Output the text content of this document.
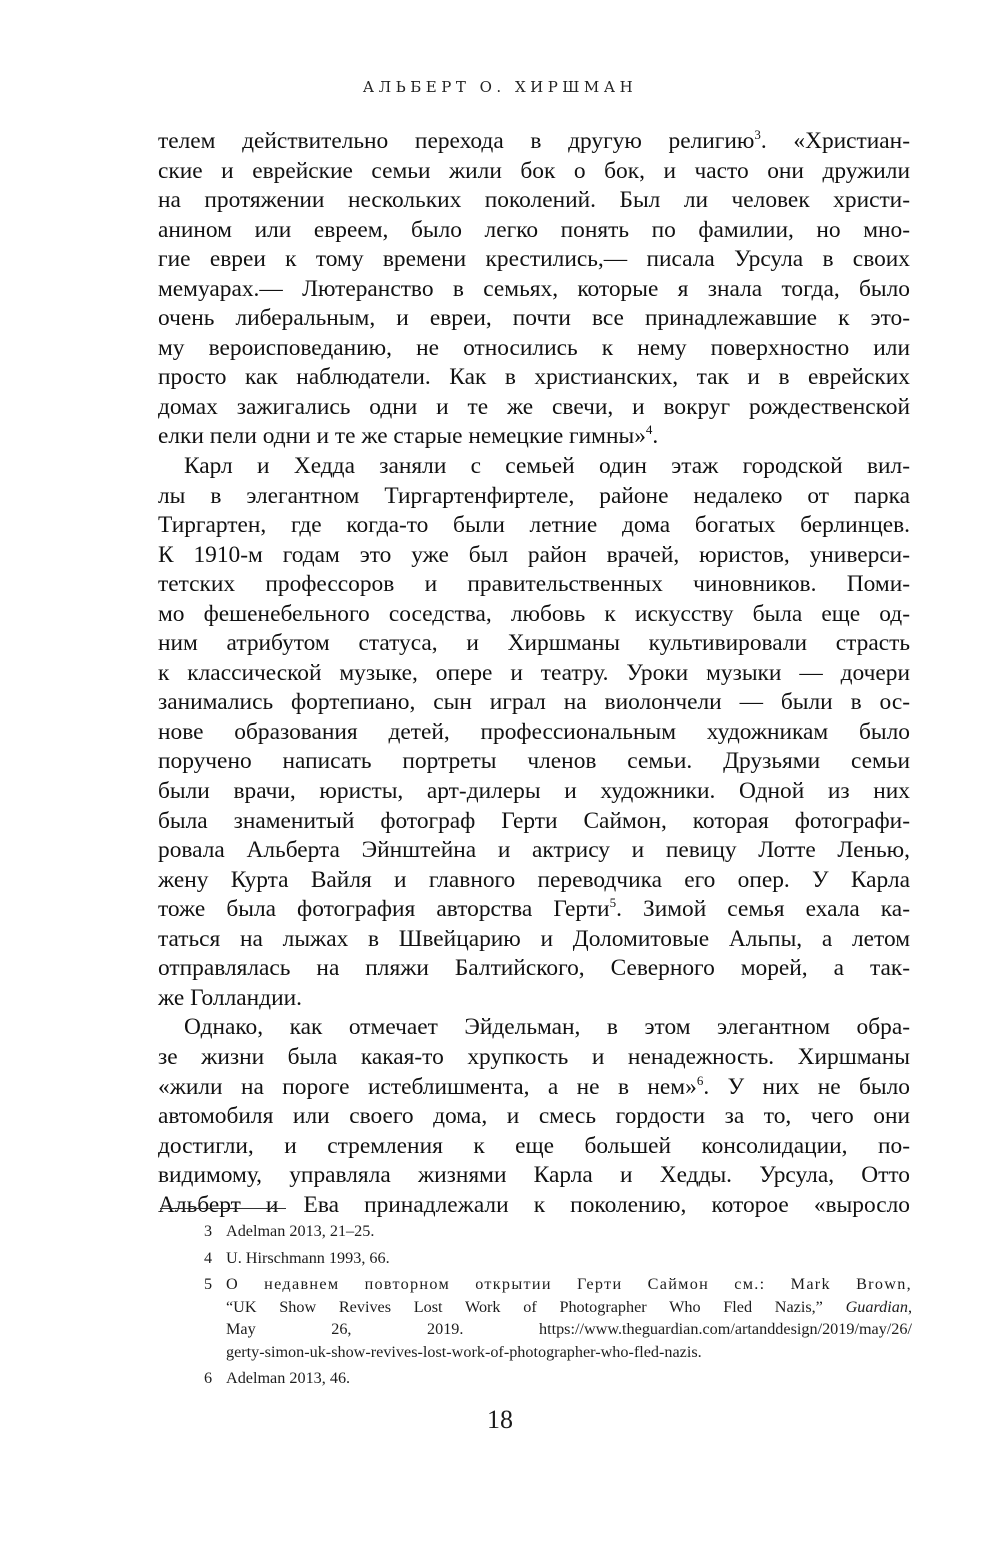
АЛЬБЕРТ О. ХИРШМАН

телем действительно перехода в другую религию$^3$. «Христиан-
ские и еврейские семьи жили бок о бок, и часто они дружили
на протяжении нескольких поколений. Был ли человек христи-
анином или евреем, было легко понять по фамилии, но мно-
гие евреи к тому времени крестились,— писала Урсула в своих
мемуарах.— Лютеранство в семьях, которые я знала тогда, было
очень либеральным, и евреи, почти все принадлежавшие к это-
му вероисповеданию, не относились к нему поверхностно или
просто как наблюдатели. Как в христианских, так и в еврейских
домах зажигались одни и те же свечи, и вокруг рождественской
елки пели одни и те же старые немецкие гимны»$^4$.

Карл и Хедда заняли с семьей один этаж городской вил-
лы в элегантном Тиргартенфиртеле, районе недалеко от парка
Тиргартен, где когда-то были летние дома богатых берлинцев.
К 1910-м годам это уже был район врачей, юристов, универси-
тетских профессоров и правительственных чиновников. Поми-
мо фешенебельного соседства, любовь к искусству была еще од-
ним атрибутом статуса, и Хиршманы культивировали страсть
к классической музыке, опере и театру. Уроки музыки — дочери
занимались фортепиано, сын играл на виолончели — были в ос-
нове образования детей, профессиональным художникам было
поручено написать портреты членов семьи. Друзьями семьи
были врачи, юристы, арт-дилеры и художники. Одной из них
была знаменитый фотограф Герти Саймон, которая фотографи-
ровала Альберта Эйнштейна и актрису и певицу Лотте Ленью,
жену Курта Вайля и главного переводчика его опер. У Карла
тоже была фотография авторства Герти$^5$. Зимой семья ехала ка-
таться на лыжах в Швейцарию и Доломитовые Альпы, а летом
отправлялась на пляжи Балтийского, Северного морей, а так-
же Голландии.

Однако, как отмечает Эйдельман, в этом элегантном обра-
зе жизни была какая-то хрупкость и ненадежность. Хиршманы
«жили на пороге истеблишмента, а не в нем»$^6$. У них не было
автомобиля или своего дома, и смесь гордости за то, чего они
достигли, и стремления к еще большей консолидации, по-
видимому, управляла жизнями Карла и Хедды. Урсула, Отто
Альберт и Ева принадлежали к поколению, которое «выросло

3 Adelman 2013, 21–25.
4 U. Hirschmann 1993, 66.
5 О недавнем повторном открытии Герти Саймон см.: Mark Brown,
“UK Show Revives Lost Work of Photographer Who Fled Nazis,” Guardian,
May 26, 2019. https://www.theguardian.com/artanddesign/2019/may/26/
gerty-simon-uk-show-revives-lost-work-of-photographer-who-fled-nazis.
6 Adelman 2013, 46.
18
